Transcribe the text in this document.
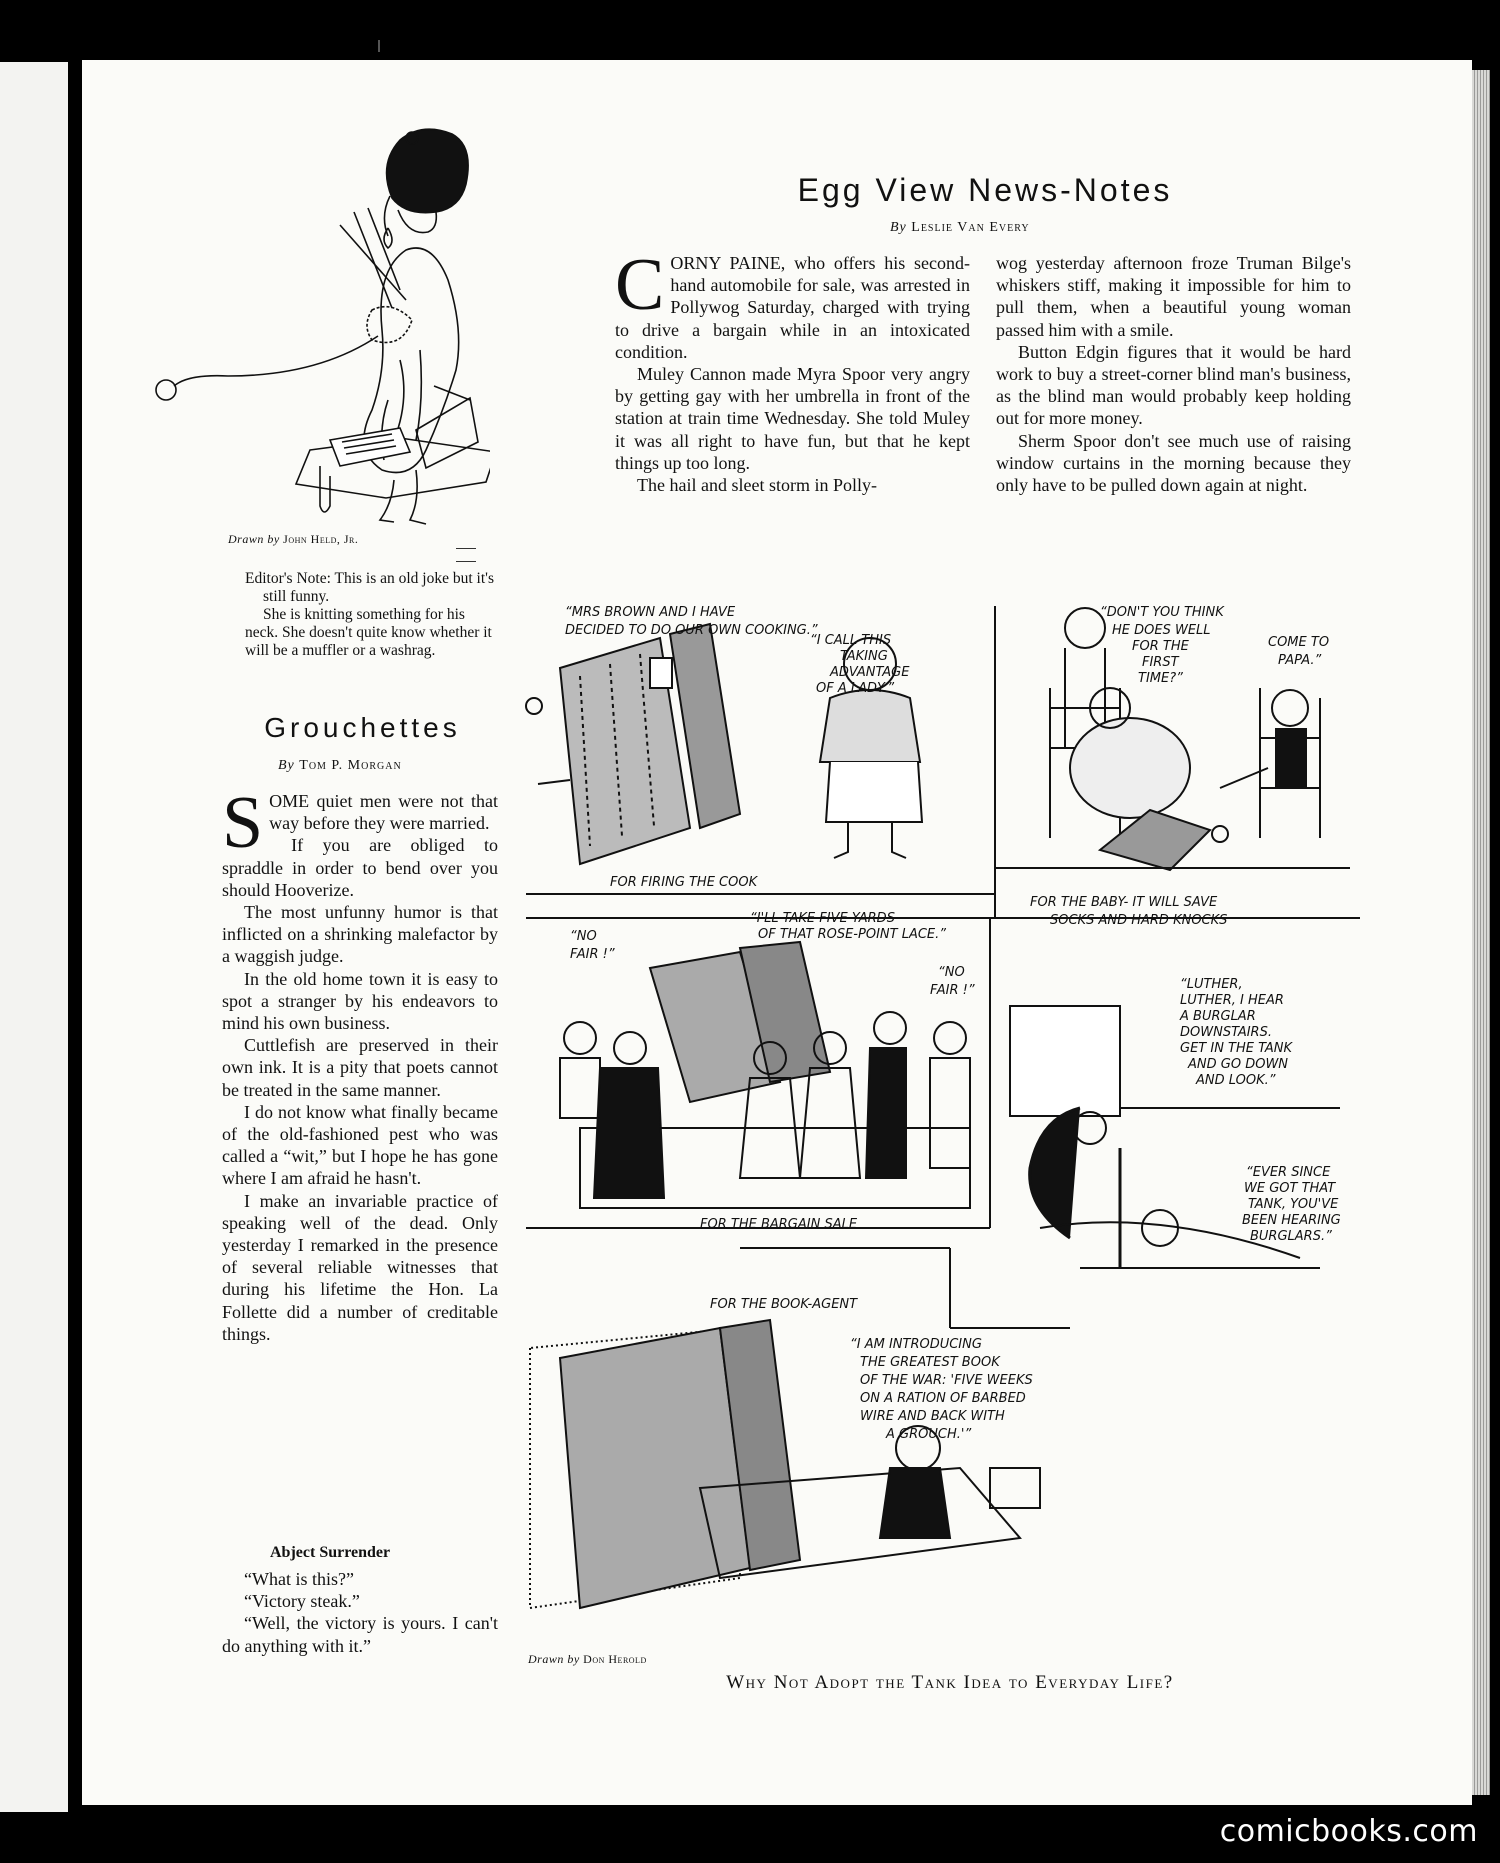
Drawn by John Held, Jr.

Editor's Note: This is an old joke but it's still funny.

She is knitting something for his neck. She doesn't quite know whether it will be a muffler or a washrag.

Egg View News-Notes
By Leslie Van Every

CORNY PAINE, who offers his second-hand automobile for sale, was arrested in Pollywog Saturday, charged with trying to drive a bargain while in an intoxicated condition.

Muley Cannon made Myra Spoor very angry by getting gay with her umbrella in front of the station at train time Wednesday. She told Muley it was all right to have fun, but that he kept things up too long.

The hail and sleet storm in Polly-

wog yesterday afternoon froze Truman Bilge's whiskers stiff, making it impossible for him to pull them, when a beautiful young woman passed him with a smile.

Button Edgin figures that it would be hard work to buy a street-corner blind man's business, as the blind man would probably keep holding out for more money.

Sherm Spoor don't see much use of raising window curtains in the morning because they only have to be pulled down again at night.

Grouchettes
By Tom P. Morgan

SOME quiet men were not that way before they were married.

If you are obliged to spraddle in order to bend over you should Hooverize.

The most unfunny humor is that inflicted on a shrinking malefactor by a waggish judge.

In the old home town it is easy to spot a stranger by his endeavors to mind his own business.

Cuttlefish are preserved in their own ink. It is a pity that poets cannot be treated in the same manner.

I do not know what finally became of the old-fashioned pest who was called a “wit,” but I hope he has gone where I am afraid he hasn't.

I make an invariable practice of speaking well of the dead. Only yesterday I remarked in the presence of several reliable witnesses that during his lifetime the Hon. La Follette did a number of creditable things.

Abject Surrender

“What is this?”

“Victory steak.”

“Well, the victory is yours. I can't do anything with it.”

“MRS BROWN AND I HAVE
DECIDED TO DO OUR OWN COOKING.”
“I CALL THIS
TAKING
ADVANTAGE
OF A LADY.”
FOR FIRING THE COOK
“DON'T YOU THINK
HE DOES WELL
FOR THE
FIRST
TIME?”
COME TO
PAPA.”
FOR THE BABY- IT WILL SAVE
SOCKS AND HARD KNOCKS
“NO
FAIR !”
“I'LL TAKE FIVE YARDS
OF THAT ROSE-POINT LACE.”
“NO
FAIR !”
FOR THE BARGAIN SALE
“LUTHER,
LUTHER, I HEAR
A BURGLAR
DOWNSTAIRS.
GET IN THE TANK
AND GO DOWN
AND LOOK.”
“EVER SINCE
WE GOT THAT
TANK, YOU'VE
BEEN HEARING
BURGLARS.”
FOR THE BOOK-AGENT
“I AM INTRODUCING
THE GREATEST BOOK
OF THE WAR: 'FIVE WEEKS
ON A RATION OF BARBED
WIRE AND BACK WITH
A GROUCH.'”
Drawn by Don Herold
Why Not Adopt the Tank Idea to Everyday Life?
comicbooks.com
